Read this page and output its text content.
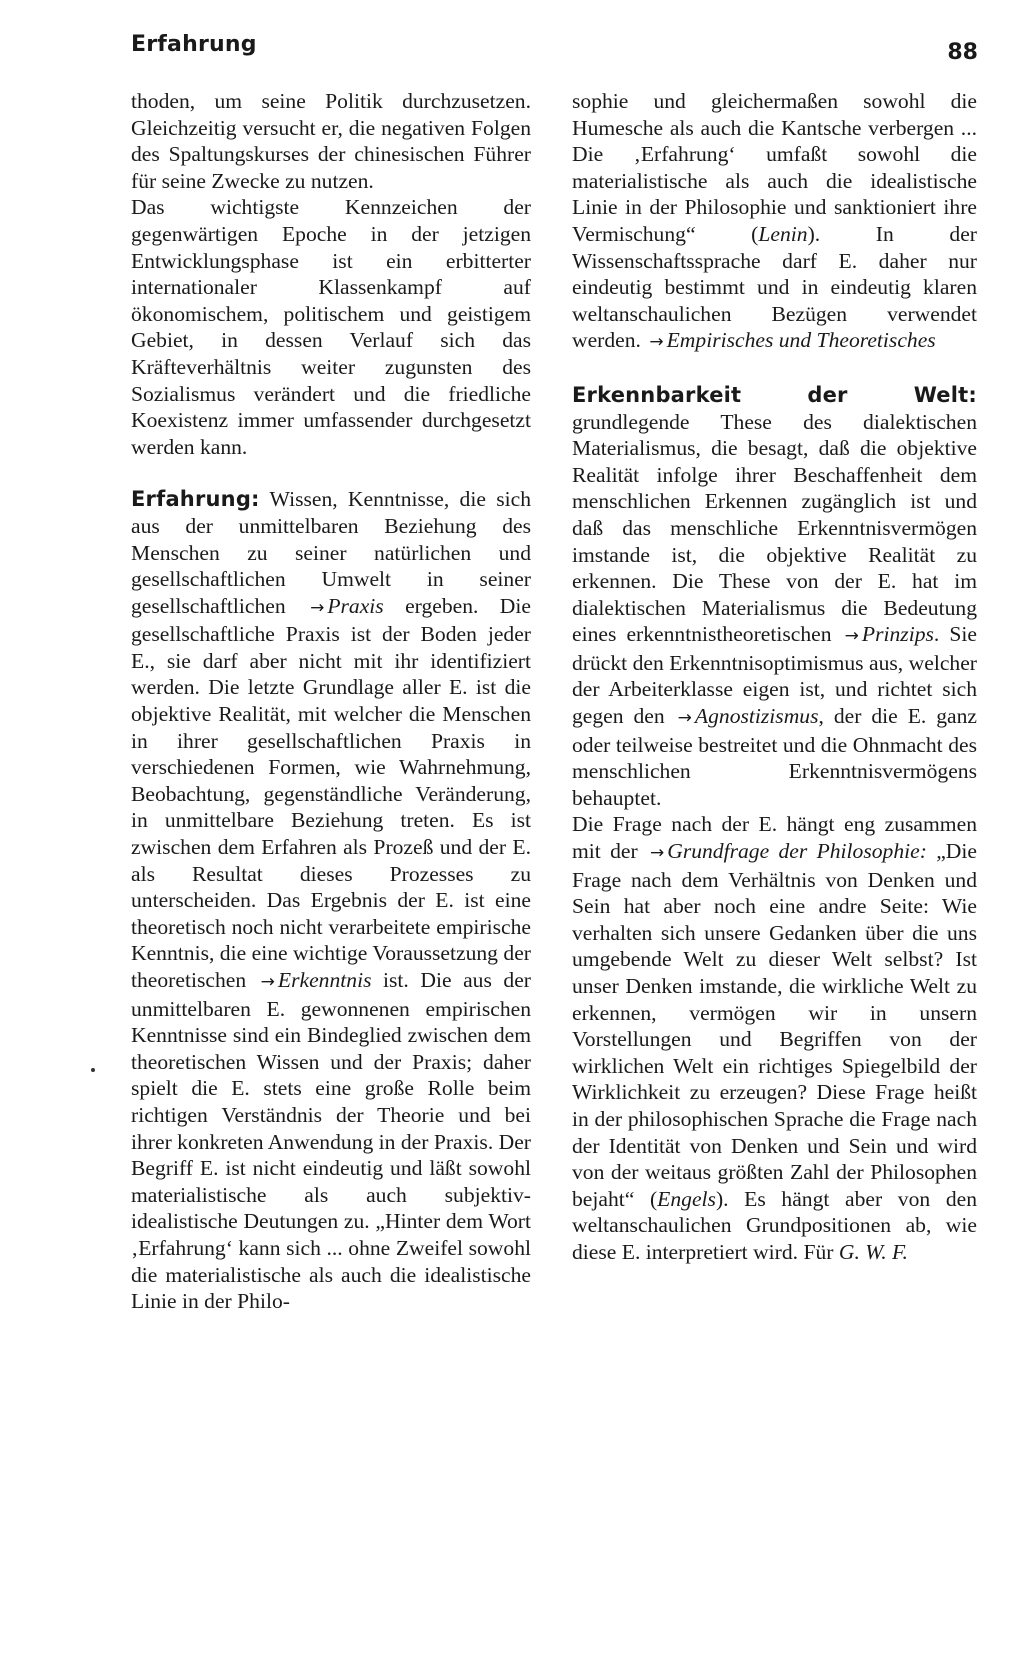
Erfahrung	88

thoden, um seine Politik durchzusetzen. Gleichzeitig versucht er, die negativen Folgen des Spaltungskurses der chinesischen Führer für seine Zwecke zu nutzen.

Das wichtigste Kennzeichen der gegenwärtigen Epoche in der jetzigen Entwicklungsphase ist ein erbitterter internationaler Klassenkampf auf ökonomischem, politischem und geistigem Gebiet, in dessen Verlauf sich das Kräfteverhältnis weiter zugunsten des Sozialismus verändert und die friedliche Koexistenz immer umfassender durchgesetzt werden kann.

Erfahrung: Wissen, Kenntnisse, die sich aus der unmittelbaren Beziehung des Menschen zu seiner natürlichen und gesellschaftlichen Umwelt in seiner gesellschaftlichen → Praxis ergeben. Die gesellschaftliche Praxis ist der Boden jeder E., sie darf aber nicht mit ihr identifiziert werden. Die letzte Grundlage aller E. ist die objektive Realität, mit welcher die Menschen in ihrer gesellschaftlichen Praxis in verschiedenen Formen, wie Wahrnehmung, Beobachtung, gegenständliche Veränderung, in unmittelbare Beziehung treten. Es ist zwischen dem Erfahren als Prozeß und der E. als Resultat dieses Prozesses zu unterscheiden. Das Ergebnis der E. ist eine theoretisch noch nicht verarbeitete empirische Kenntnis, die eine wichtige Voraussetzung der theoretischen → Erkenntnis ist. Die aus der unmittelbaren E. gewonnenen empirischen Kenntnisse sind ein Bindeglied zwischen dem theoretischen Wissen und der Praxis; daher spielt die E. stets eine große Rolle beim richtigen Verständnis der Theorie und bei ihrer konkreten Anwendung in der Praxis. Der Begriff E. ist nicht eindeutig und läßt sowohl materialistische als auch subjektiv-idealistische Deutungen zu. „Hinter dem Wort ‚Erfahrung‘ kann sich ... ohne Zweifel sowohl die materialistische als auch die idealistische Linie in der Philo-

sophie und gleichermaßen sowohl die Humesche als auch die Kantsche verbergen ... Die ‚Erfahrung‘ umfaßt sowohl die materialistische als auch die idealistische Linie in der Philosophie und sanktioniert ihre Vermischung“ (Lenin). In der Wissenschaftssprache darf E. daher nur eindeutig bestimmt und in eindeutig klaren weltanschaulichen Bezügen verwendet werden. → Empirisches und Theoretisches

Erkennbarkeit der Welt: grundlegende These des dialektischen Materialismus, die besagt, daß die objektive Realität infolge ihrer Beschaffenheit dem menschlichen Erkennen zugänglich ist und daß das menschliche Erkenntnisvermögen imstande ist, die objektive Realität zu erkennen. Die These von der E. hat im dialektischen Materialismus die Bedeutung eines erkenntnistheoretischen → Prinzips. Sie drückt den Erkenntnisoptimismus aus, welcher der Arbeiterklasse eigen ist, und richtet sich gegen den → Agnostizismus, der die E. ganz oder teilweise bestreitet und die Ohnmacht des menschlichen Erkenntnisvermögens behauptet.

Die Frage nach der E. hängt eng zusammen mit der → Grundfrage der Philosophie: „Die Frage nach dem Verhältnis von Denken und Sein hat aber noch eine andre Seite: Wie verhalten sich unsere Gedanken über die uns umgebende Welt zu dieser Welt selbst? Ist unser Denken imstande, die wirkliche Welt zu erkennen, vermögen wir in unsern Vorstellungen und Begriffen von der wirklichen Welt ein richtiges Spiegelbild der Wirklichkeit zu erzeugen? Diese Frage heißt in der philosophischen Sprache die Frage nach der Identität von Denken und Sein und wird von der weitaus größten Zahl der Philosophen bejaht“ (Engels). Es hängt aber von den weltanschaulichen Grundpositionen ab, wie diese E. interpretiert wird. Für G. W. F.
